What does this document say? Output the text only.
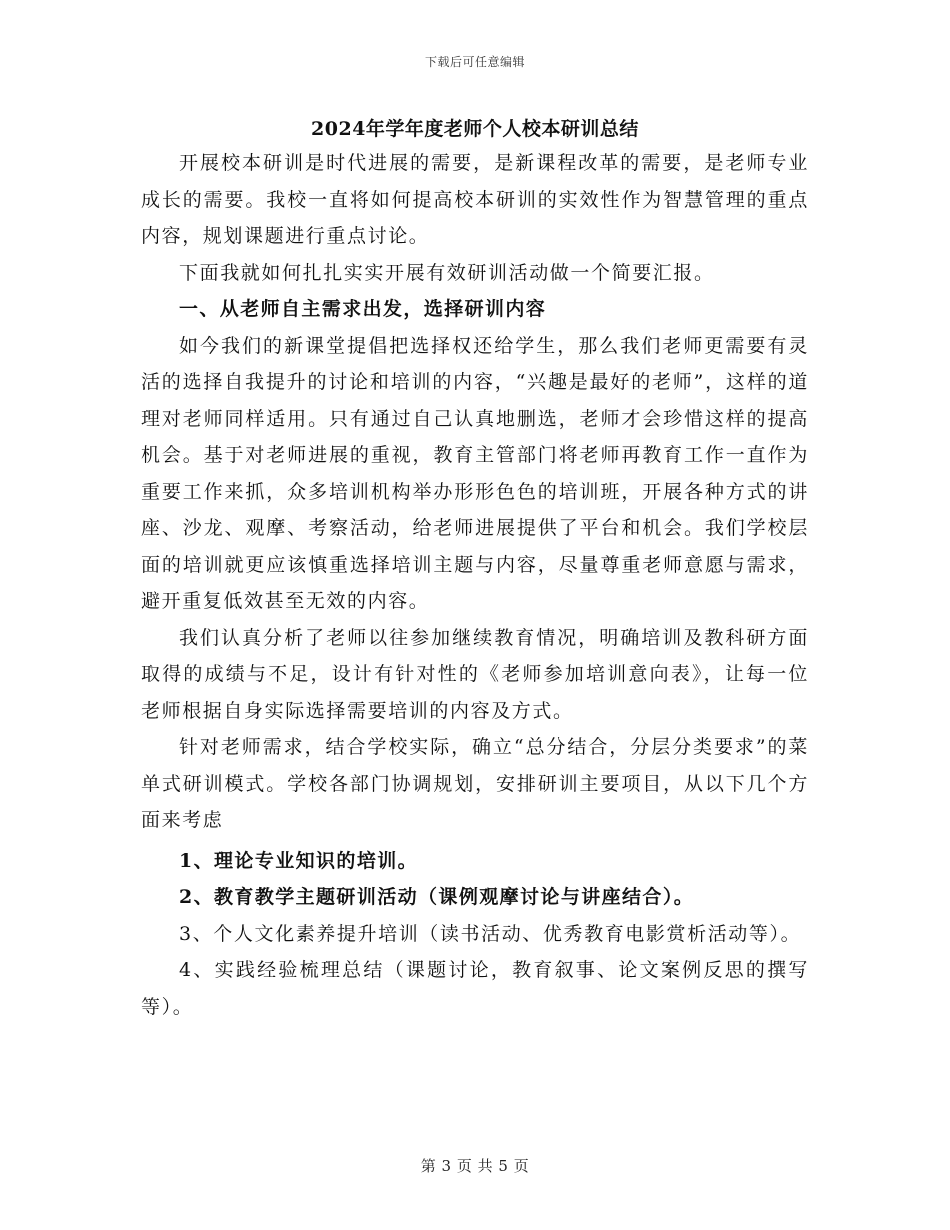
下载后可任意编辑
2024年学年度老师个人校本研训总结

开展校本研训是时代进展的需要，是新课程改革的需要，是老师专业成长的需要。我校一直将如何提高校本研训的实效性作为智慧管理的重点内容，规划课题进行重点讨论。

下面我就如何扎扎实实开展有效研训活动做一个简要汇报。

一、从老师自主需求出发，选择研训内容

如今我们的新课堂提倡把选择权还给学生，那么我们老师更需要有灵活的选择自我提升的讨论和培训的内容，“兴趣是最好的老师”，这样的道理对老师同样适用。只有通过自己认真地删选，老师才会珍惜这样的提高机会。基于对老师进展的重视，教育主管部门将老师再教育工作一直作为重要工作来抓，众多培训机构举办形形色色的培训班，开展各种方式的讲座、沙龙、观摩、考察活动，给老师进展提供了平台和机会。我们学校层面的培训就更应该慎重选择培训主题与内容，尽量尊重老师意愿与需求，避开重复低效甚至无效的内容。

我们认真分析了老师以往参加继续教育情况，明确培训及教科研方面取得的成绩与不足，设计有针对性的《老师参加培训意向表》，让每一位老师根据自身实际选择需要培训的内容及方式。

针对老师需求，结合学校实际，确立“总分结合，分层分类要求”的菜单式研训模式。学校各部门协调规划，安排研训主要项目，从以下几个方面来考虑

1、理论专业知识的培训。

2、教育教学主题研训活动（课例观摩讨论与讲座结合）。

3、个人文化素养提升培训（读书活动、优秀教育电影赏析活动等）。

4、实践经验梳理总结（课题讨论，教育叙事、论文案例反思的撰写等）。

第 3 页 共 5 页
